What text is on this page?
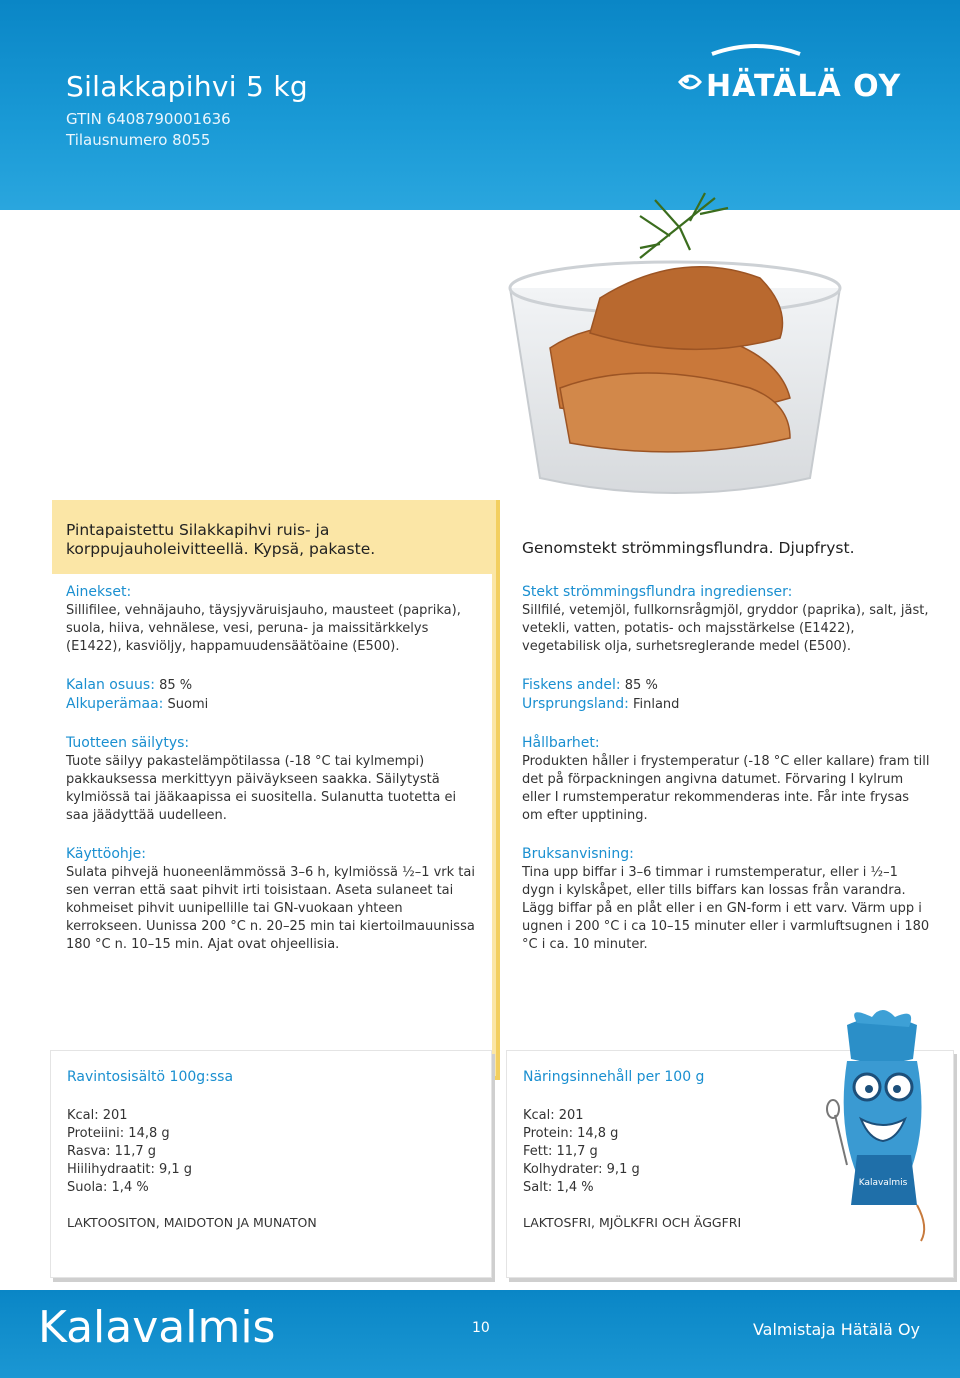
Silakkapihvi 5 kg
GTIN 6408790001636
Tilausnumero 8055
HÄTÄLÄ OY
Pintapaistettu Silakkapihvi ruis- ja korppujauholeivitteellä. Kypsä, pakaste.	Genomstekt strömmingsflundra. Djupfryst.
Ainekset:
Sillifilee, vehnäjauho, täysjyväruisjauho, mausteet (paprika), suola, hiiva, vehnälese, vesi, peruna- ja maissitärkkelys (E1422), kasviöljy, happamuudensäätöaine (E500).
Kalan osuus: 85 %
Alkuperämaa: Suomi
Tuotteen säilytys:
Tuote säilyy pakastelämpötilassa (-18 °C tai kylmempi) pakkauksessa merkittyyn päiväykseen saakka. Säilytystä kylmiössä tai jääkaapissa ei suositella. Sulanutta tuotetta ei saa jäädyttää uudelleen.
Käyttöohje:
Sulata pihvejä huoneenlämmössä 3–6 h, kylmiössä ½–1 vrk tai sen verran että saat pihvit irti toisistaan. Aseta sulaneet tai kohmeiset pihvit uunipellille tai GN-vuokaan yhteen kerrokseen. Uunissa 200 °C n. 20–25 min tai kiertoilmauunissa 180 °C n. 10–15 min. Ajat ovat ohjeellisia.
Stekt strömmingsflundra ingredienser:
Sillfilé, vetemjöl, fullkornsrågmjöl, gryddor (paprika), salt, jäst, vetekli, vatten, potatis- och majsstärkelse (E1422), vegetabilisk olja, surhetsreglerande medel (E500).
Fiskens andel: 85 %
Ursprungsland: Finland
Hållbarhet:
Produkten håller i frystemperatur (-18 °C eller kallare) fram till det på förpackningen angivna datumet. Förvaring I kylrum eller I rumstemperatur rekommenderas inte. Får inte frysas om efter upptining.
Bruksanvisning:
Tina upp biffar i 3–6 timmar i rumstemperatur, eller i ½–1 dygn i kylskåpet, eller tills biffars kan lossas från varandra. Lägg biffar på en plåt eller i en GN-form i ett varv. Värm upp i ugnen i 200 °C i ca 10–15 minuter eller i varmluftsugnen i 180 °C i ca. 10 minuter.
Ravintosisältö 100g:ssa
Kcal: 201
Proteiini: 14,8 g
Rasva: 11,7 g
Hiilihydraatit: 9,1 g
Suola: 1,4 %
LAKTOOSITON, MAIDOTON JA MUNATON
Näringsinnehåll per 100 g
Kcal: 201
Protein: 14,8 g
Fett: 11,7 g
Kolhydrater: 9,1 g
Salt: 1,4 %
LAKTOSFRI, MJÖLKFRI OCH ÄGGFRI
Kalavalmis
Kalavalmis	10	Valmistaja Hätälä Oy
